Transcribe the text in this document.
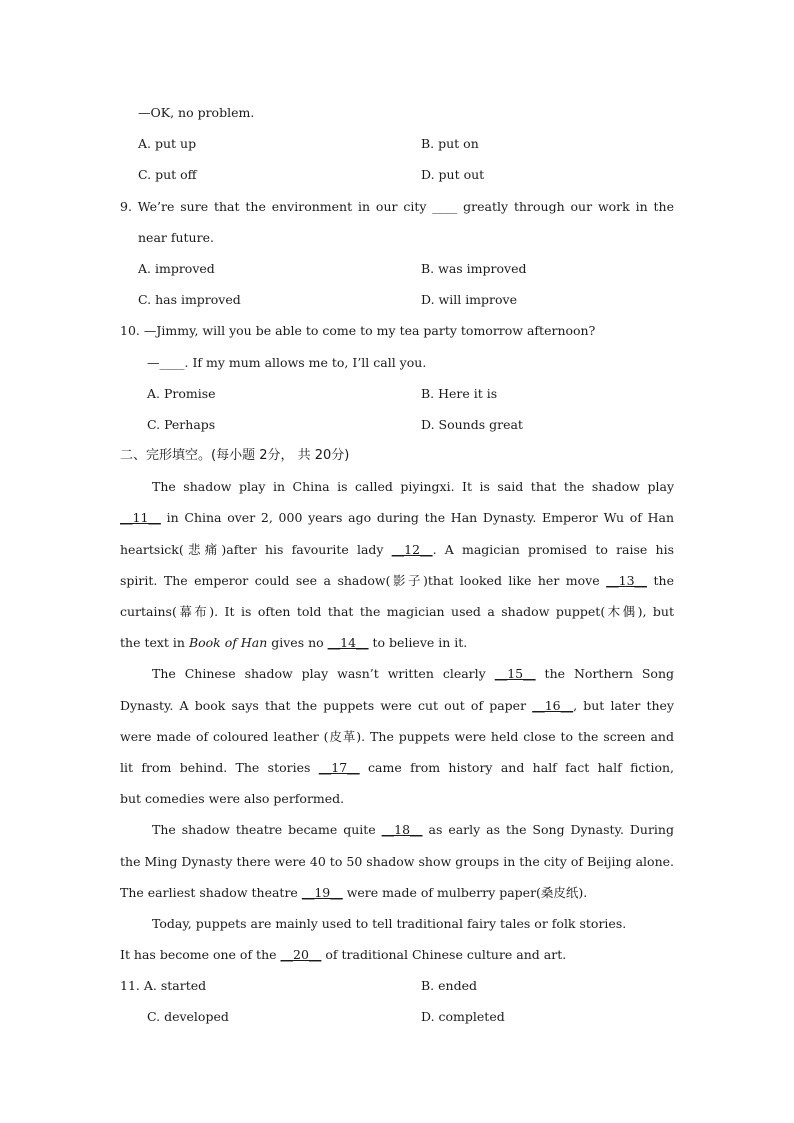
—OK, no problem.
A. put up	B. put on
C. put off	D. put out
9. We’re sure that the environment in our city ____ greatly through our work in the
near future.
A. improved	B. was improved
C. has improved	D. will improve
10. —Jimmy, will you be able to come to my tea party tomorrow afternoon?
—____. If my mum allows me to, I’ll call you.
A. Promise	B. Here it is
C. Perhaps	D. Sounds great
二、完形填空。(每小题 2分， 共 20分)
The shadow play in China is called piyingxi. It is said that the shadow play
__11__ in China over 2, 000 years ago during the Han Dynasty. Emperor Wu of Han
heartsick(悲痛)after his favourite lady __12__. A magician promised to raise his
spirit. The emperor could see a shadow(影子)that looked like her move __13__ the
curtains(幕布). It is often told that the magician used a shadow puppet(木偶), but
the text in Book of Han gives no __14__ to believe in it.
The Chinese shadow play wasn’t written clearly __15__ the Northern Song
Dynasty. A book says that the puppets were cut out of paper __16__, but later they
were made of coloured leather (皮革). The puppets were held close to the screen and
lit from behind. The stories __17__ came from history and half fact half fiction,
but comedies were also performed.
The shadow theatre became quite __18__ as early as the Song Dynasty. During
the Ming Dynasty there were 40 to 50 shadow show groups in the city of Beijing alone.
The earliest shadow theatre __19__ were made of mulberry paper(桑皮纸).
Today, puppets are mainly used to tell traditional fairy tales or folk stories.
It has become one of the __20__ of traditional Chinese culture and art.
11. A. started	B. ended
C. developed	D. completed
